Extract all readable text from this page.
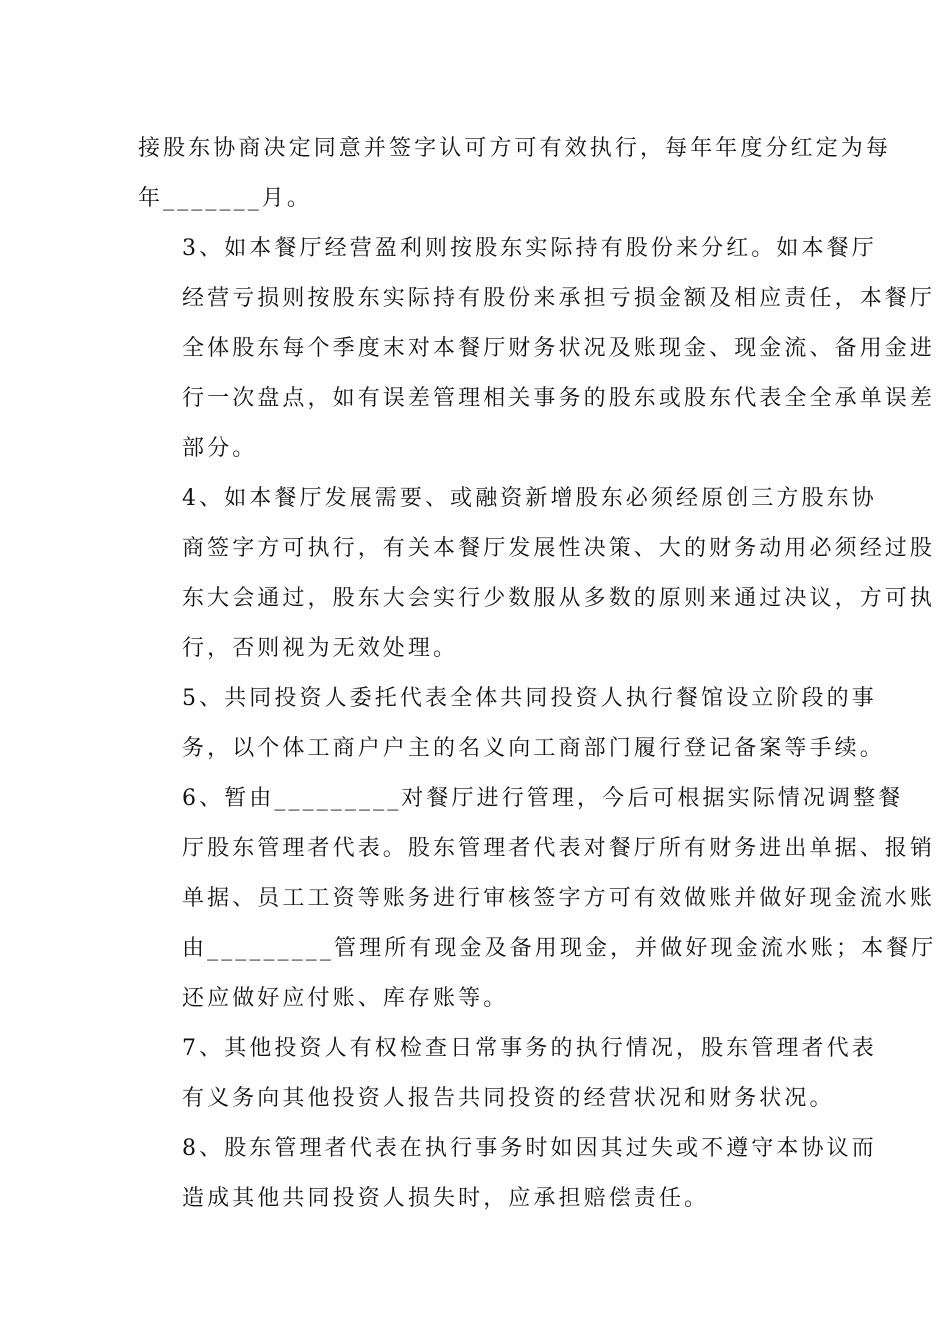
接股东协商决定同意并签字认可方可有效执行，每年年度分红定为每
年_______月。

3、如本餐厅经营盈利则按股东实际持有股份来分红。如本餐厅
经营亏损则按股东实际持有股份来承担亏损金额及相应责任，本餐厅
全体股东每个季度末对本餐厅财务状况及账现金、现金流、备用金进
行一次盘点，如有误差管理相关事务的股东或股东代表全全承单误差
部分。

4、如本餐厅发展需要、或融资新增股东必须经原创三方股东协
商签字方可执行，有关本餐厅发展性决策、大的财务动用必须经过股
东大会通过，股东大会实行少数服从多数的原则来通过决议，方可执
行，否则视为无效处理。

5、共同投资人委托代表全体共同投资人执行餐馆设立阶段的事
务，以个体工商户户主的名义向工商部门履行登记备案等手续。

6、暂由_________对餐厅进行管理，今后可根据实际情况调整餐
厅股东管理者代表。股东管理者代表对餐厅所有财务进出单据、报销
单据、员工工资等账务进行审核签字方可有效做账并做好现金流水账
由_________管理所有现金及备用现金，并做好现金流水账；本餐厅
还应做好应付账、库存账等。

7、其他投资人有权检查日常事务的执行情况，股东管理者代表
有义务向其他投资人报告共同投资的经营状况和财务状况。

8、股东管理者代表在执行事务时如因其过失或不遵守本协议而
造成其他共同投资人损失时，应承担赔偿责任。
